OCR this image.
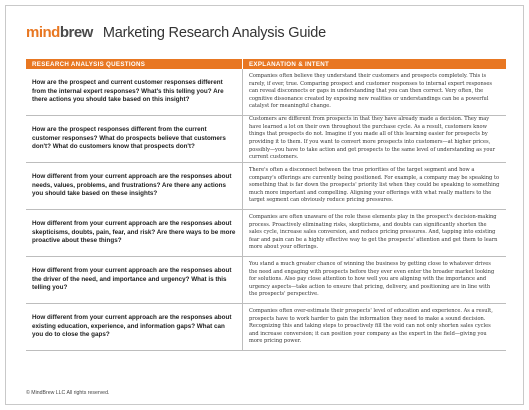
mindbrew Marketing Research Analysis Guide
RESEARCH ANALYSIS QUESTIONS	EXPLANATION & INTENT
How are the prospect and current customer responses different from the internal expert responses? What's this telling you? Are there actions you should take based on this insight?	Companies often believe they understand their customers and prospects completely. This is rarely, if ever, true. Comparing prospect and customer responses to internal expert responses can reveal disconnects or gaps in understanding that you can then correct. Very often, the cognitive dissonance created by exposing new realities or understandings can be a powerful catalyst for meaningful change.
How are the prospect responses different from the current customer responses? What do prospects believe that customers don't? What do customers know that prospects don't?	Customers are different from prospects in that they have already made a decision. They may have learned a lot on their own throughout the purchase cycle. As a result, customers know things that prospects do not. Imagine if you made all of this learning easier for prospects by providing it to them. If you want to convert more prospects into customers—at higher prices, possibly—you have to take action and get prospects to the same level of understanding as your current customers.
How different from your current approach are the responses about needs, values, problems, and frustrations? Are there any actions you should take based on these insights?	There's often a disconnect between the true priorities of the target segment and how a company's offerings are currently being positioned. For example, a company may be speaking to something that is far down the prospects' priority list when they could be speaking to something much more important and compelling. Aligning your offerings with what really matters to the target segment can obviously reduce pricing pressures.
How different from your current approach are the responses about skepticisms, doubts, pain, fear, and risk? Are there ways to be more proactive about these things?	Companies are often unaware of the role these elements play in the prospect's decision-making process. Proactively eliminating risks, skepticisms, and doubts can significantly shorten the sales cycle, increase sales conversion, and reduce pricing pressures. And, tapping into existing fear and pain can be a highly effective way to get the prospects' attention and get them to learn more about your offerings.
How different from your current approach are the responses about the driver of the need, and importance and urgency? What is this telling you?	You stand a much greater chance of winning the business by getting close to whatever drives the need and engaging with prospects before they ever even enter the broader market looking for solutions. Also pay close attention to how well you are aligning with the importance and urgency aspects—take action to ensure that pricing, delivery, and positioning are in line with the prospects' perspective.
How different from your current approach are the responses about existing education, experience, and information gaps? What can you do to close the gaps?	Companies often over-estimate their prospects' level of education and experience. As a result, prospects have to work harder to gain the information they need to make a sound decision. Recognizing this and taking steps to proactively fill the void can not only shorten sales cycles and increase conversion; it can position your company as the expert in the field—giving you more pricing power.
© MindBrew LLC All rights reserved.
